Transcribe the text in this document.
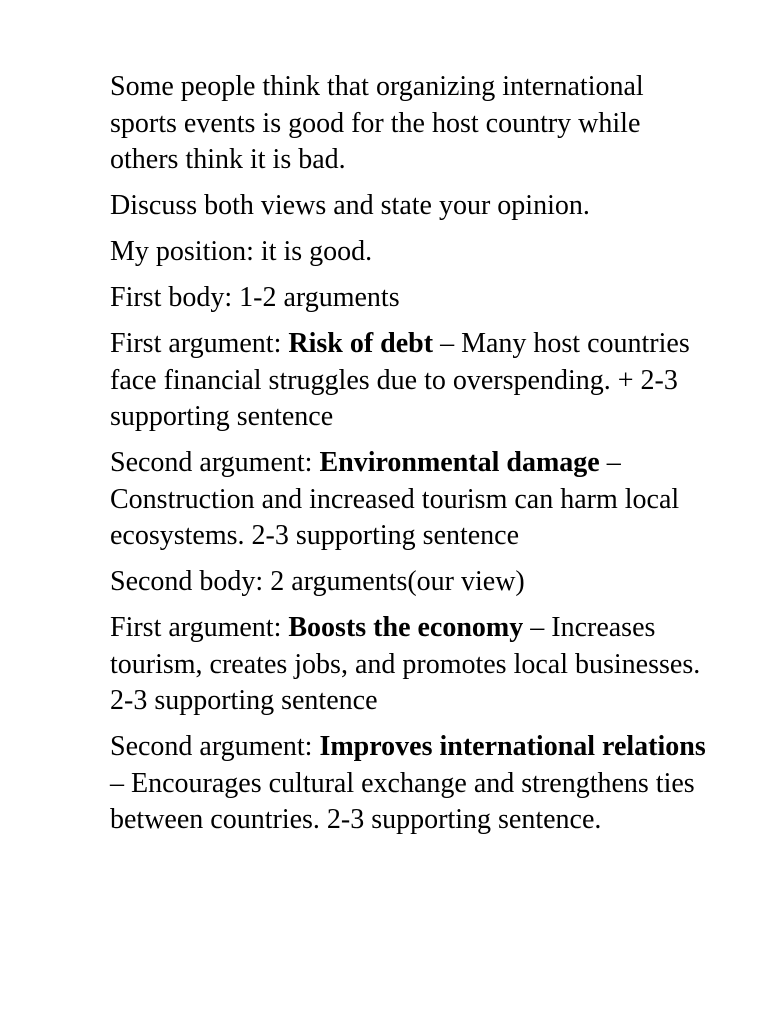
Some people think that organizing international sports events is good for the host country while others think it is bad.

Discuss both views and state your opinion.

My position: it is good.

First body: 1-2 arguments

First argument: Risk of debt – Many host countries face financial struggles due to overspending. + 2-3 supporting sentence

Second argument: Environmental damage – Construction and increased tourism can harm local ecosystems. 2-3 supporting sentence

Second body: 2 arguments(our view)

First argument: Boosts the economy – Increases tourism, creates jobs, and promotes local businesses. 2-3 supporting sentence

Second argument: Improves international relations – Encourages cultural exchange and strengthens ties between countries. 2-3 supporting sentence.
